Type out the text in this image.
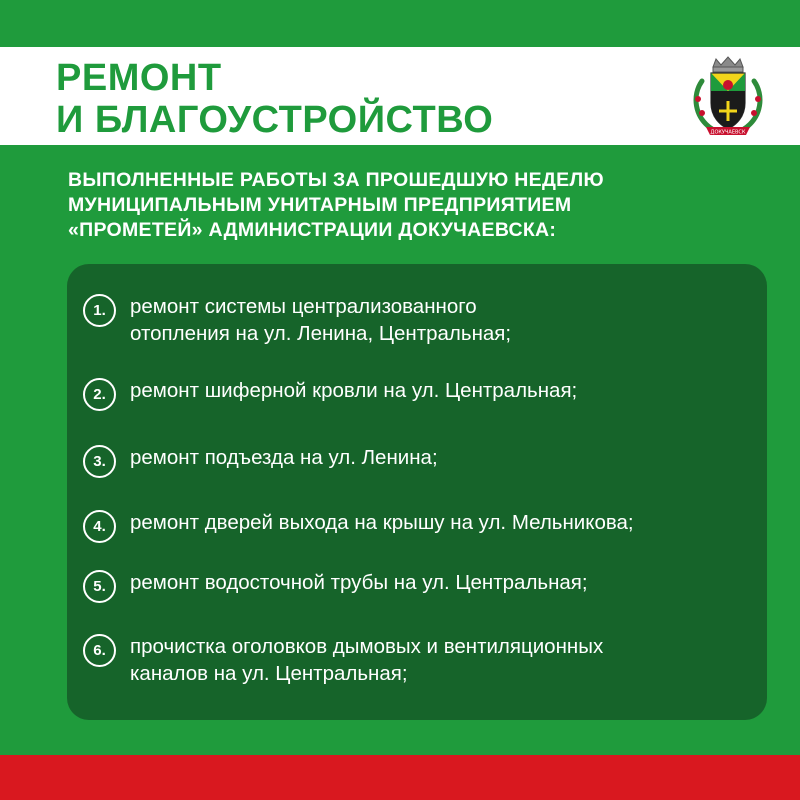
РЕМОНТ
И БЛАГОУСТРОЙСТВО	ДОКУЧАЕВСК
ВЫПОЛНЕННЫЕ РАБОТЫ ЗА ПРОШЕДШУЮ НЕДЕЛЮ
МУНИЦИПАЛЬНЫМ УНИТАРНЫМ ПРЕДПРИЯТИЕМ
«ПРОМЕТЕЙ» АДМИНИСТРАЦИИ ДОКУЧАЕВСКА:
1.	ремонт системы централизованного
отопления на ул. Ленина, Центральная;
2.	ремонт шиферной кровли на ул. Центральная;
3.	ремонт подъезда на ул. Ленина;
4.	ремонт дверей выхода на крышу на ул. Мельникова;
5.	ремонт водосточной трубы на ул. Центральная;
6.	прочистка оголовков дымовых и вентиляционных
каналов на ул. Центральная;
